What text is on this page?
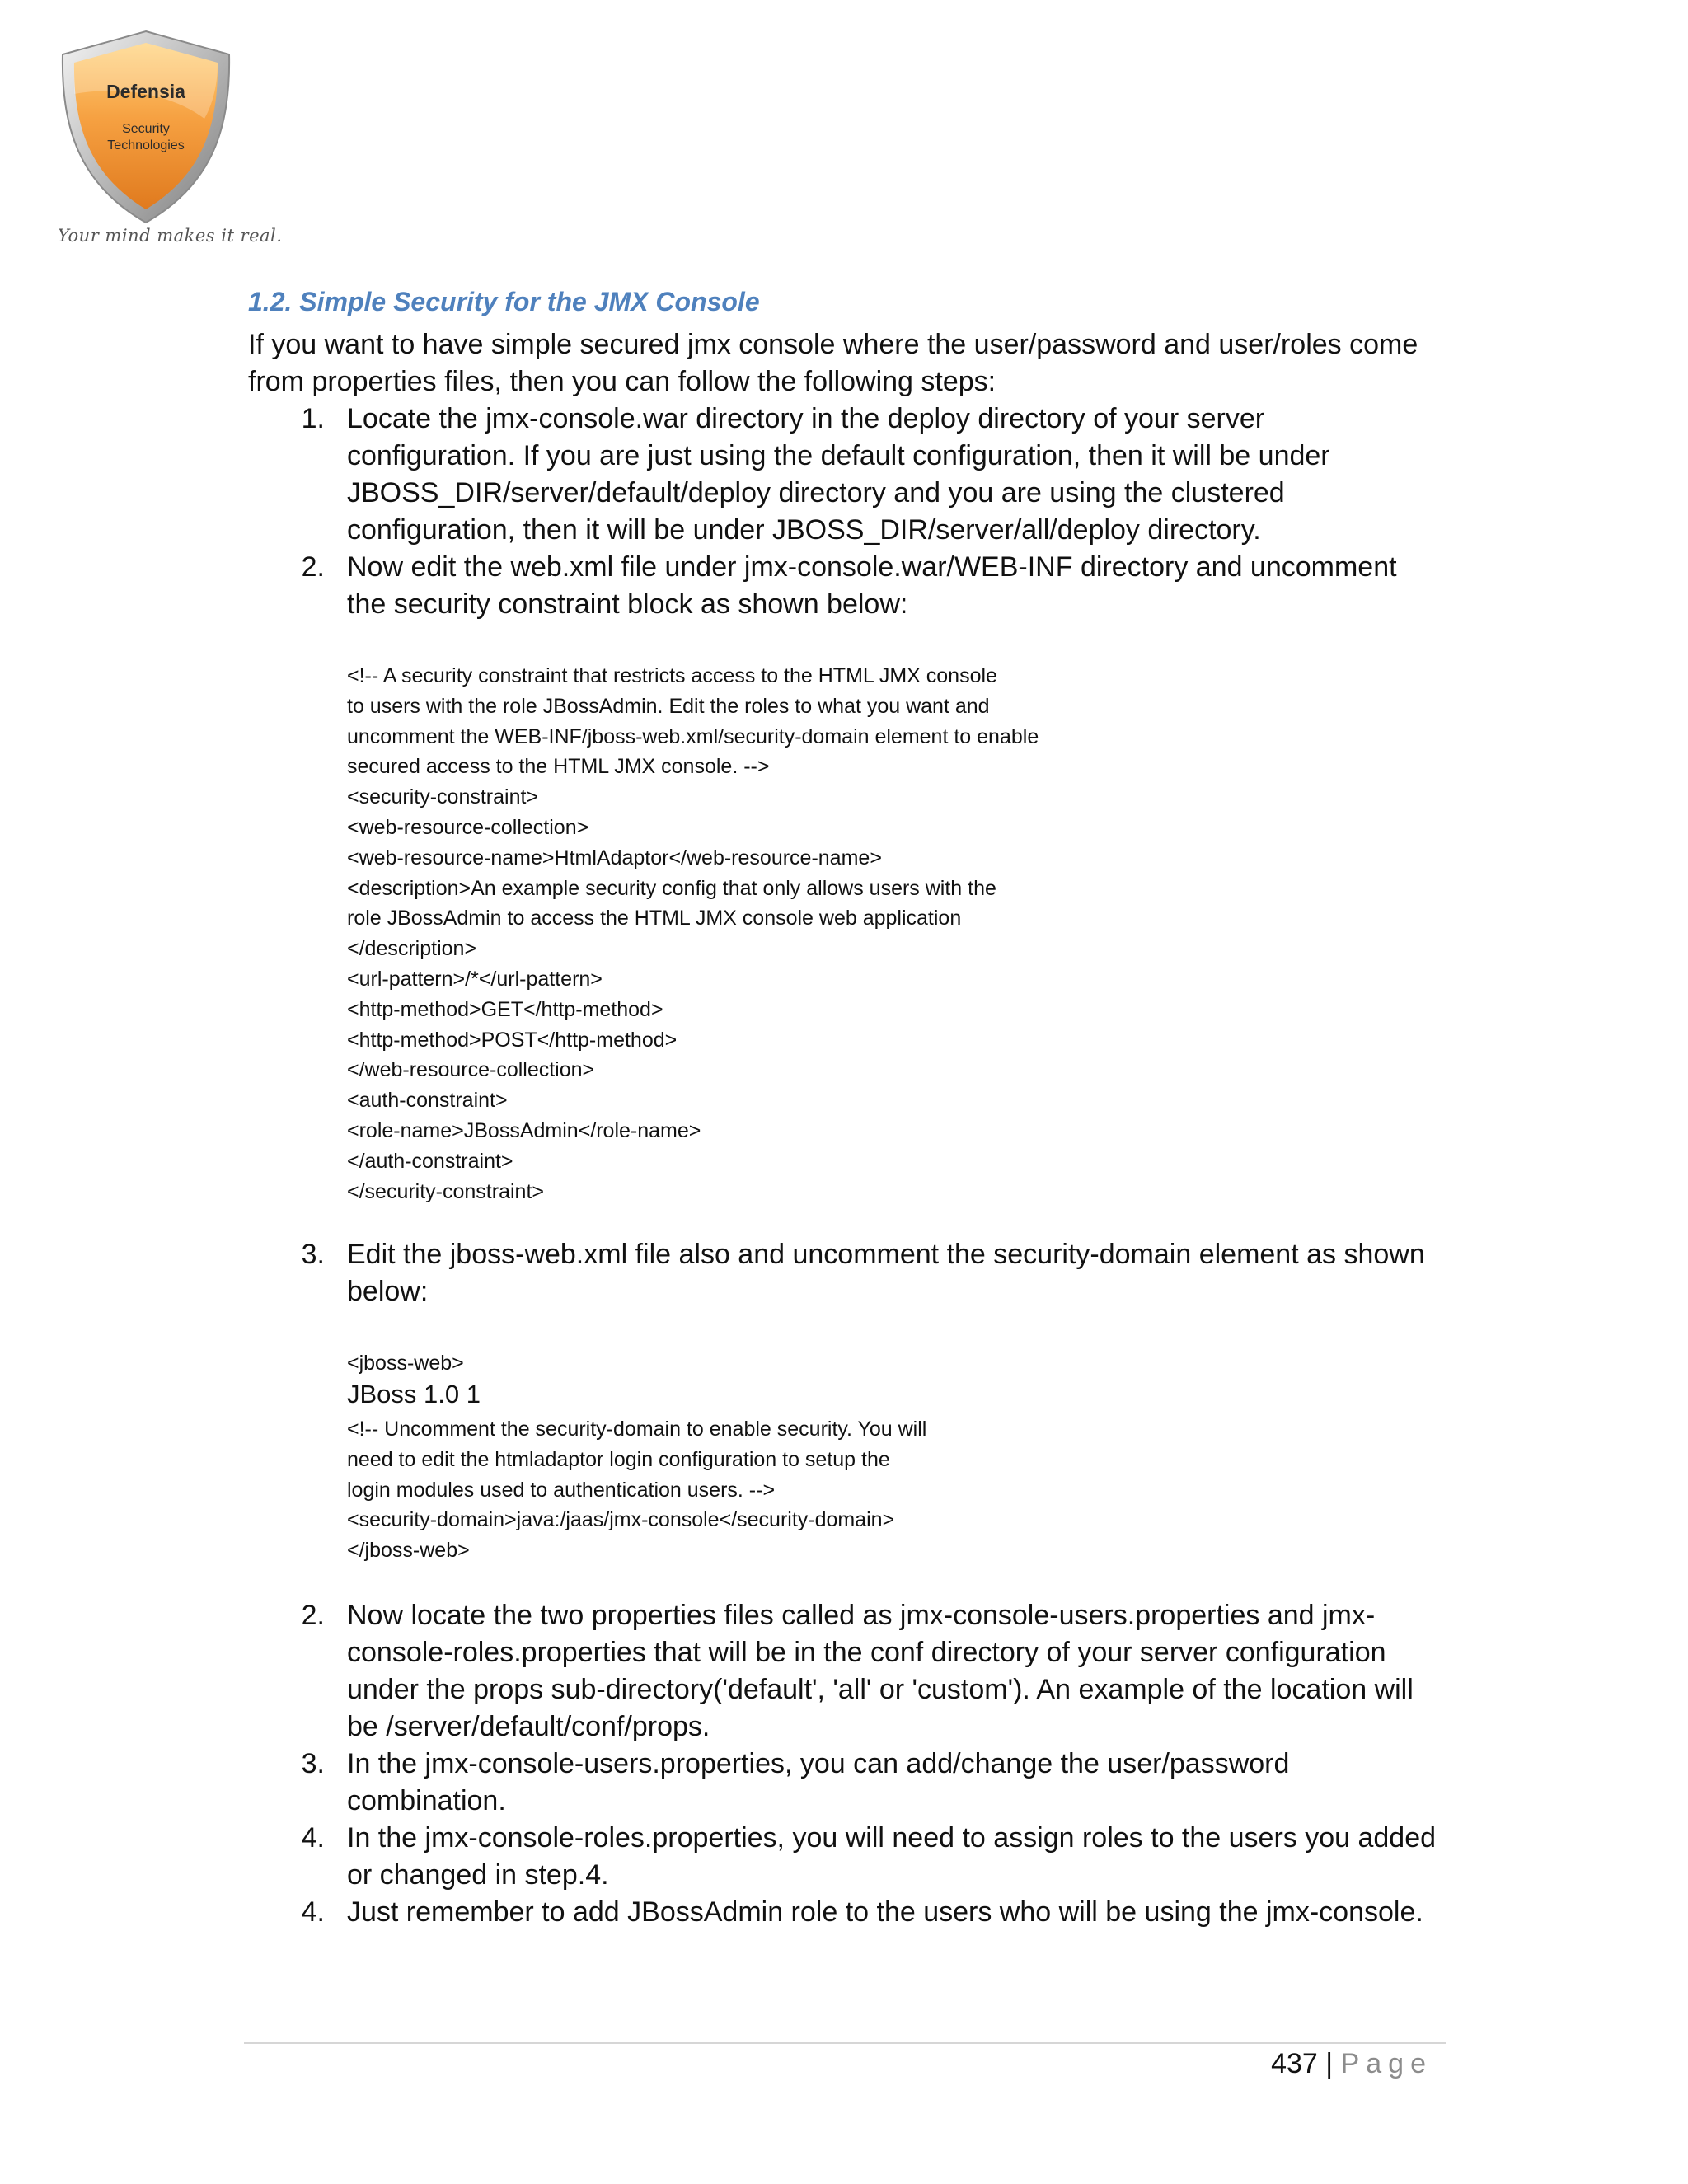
Defensia
Security
Technologies
Your mind makes it real.
1.2. Simple Security for the JMX Console
If you want to have simple secured jmx console where the user/password and user/roles come
from properties files, then you can follow the following steps:
1. Locate the jmx-console.war directory in the deploy directory of your server
configuration. If you are just using the default configuration, then it will be under
JBOSS_DIR/server/default/deploy directory and you are using the clustered
configuration, then it will be under JBOSS_DIR/server/all/deploy directory.
2. Now edit the web.xml file under jmx-console.war/WEB-INF directory and uncomment
the security constraint block as shown below:
<!-- A security constraint that restricts access to the HTML JMX console
to users with the role JBossAdmin. Edit the roles to what you want and
uncomment the WEB-INF/jboss-web.xml/security-domain element to enable
secured access to the HTML JMX console. -->
<security-constraint>
<web-resource-collection>
<web-resource-name>HtmlAdaptor</web-resource-name>
<description>An example security config that only allows users with the
role JBossAdmin to access the HTML JMX console web application
</description>
<url-pattern>/*</url-pattern>
<http-method>GET</http-method>
<http-method>POST</http-method>
</web-resource-collection>
<auth-constraint>
<role-name>JBossAdmin</role-name>
</auth-constraint>
</security-constraint>
3. Edit the jboss-web.xml file also and uncomment the security-domain element as shown
below:
<jboss-web>
JBoss 1.0 1
<!-- Uncomment the security-domain to enable security. You will
need to edit the htmladaptor login configuration to setup the
login modules used to authentication users. -->
<security-domain>java:/jaas/jmx-console</security-domain>
</jboss-web>
2. Now locate the two properties files called as jmx-console-users.properties and jmx-
console-roles.properties that will be in the conf directory of your server configuration
under the props sub-directory('default', 'all' or 'custom'). An example of the location will
be /server/default/conf/props.
3. In the jmx-console-users.properties, you can add/change the user/password
combination.
4. In the jmx-console-roles.properties, you will need to assign roles to the users you added
or changed in step.4.
4. Just remember to add JBossAdmin role to the users who will be using the jmx-console.
437 | Page
